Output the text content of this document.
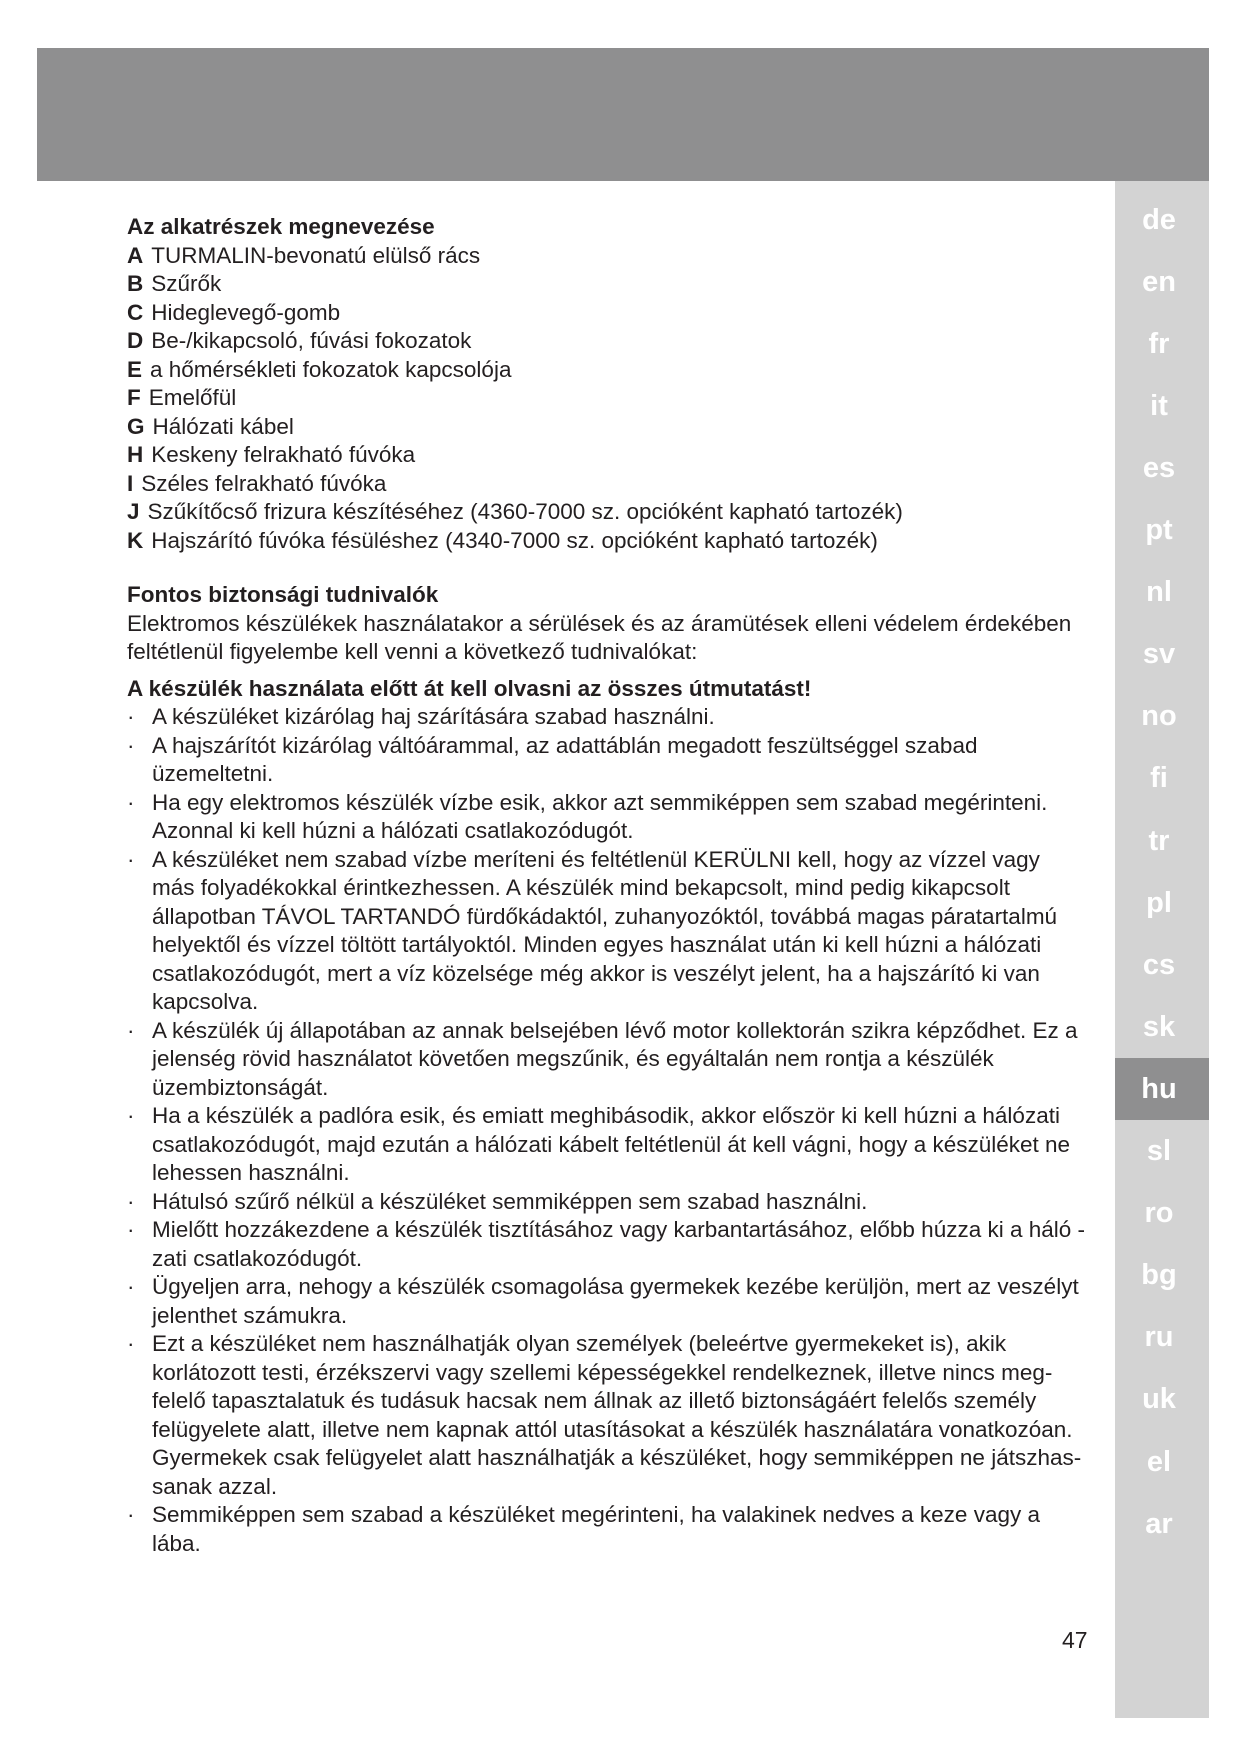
de
en
fr
it
es
pt
nl
sv
no
fi
tr
pl
cs
sk
hu
sl
ro
bg
ru
uk
el
ar
Az alkatrészek megnevezése
A TURMALIN-bevonatú elülső rács
B Szűrők
C Hideglevegő-gomb
D Be-/kikapcsoló, fúvási fokozatok
E a hőmérsékleti fokozatok kapcsolója
F Emelőfül
G Hálózati kábel
H Keskeny felrakható fúvóka
I Széles felrakható fúvóka
J Szűkítőcső frizura készítéséhez (4360-7000 sz. opcióként kapható tartozék)
K Hajszárító fúvóka fésüléshez (4340-7000 sz. opcióként kapható tartozék)
Fontos biztonsági tudnivalók

Elektromos készülékek használatakor a sérülések és az áramütések elleni védelem érdekében feltétlenül figyelembe kell venni a következő tudnivalókat:

A készülék használata előtt át kell olvasni az összes útmutatást!

· A készüléket kizárólag haj szárítására szabad használni.
· A hajszárítót kizárólag váltóárammal, az adattáblán megadott feszültséggel szabad üzemeltetni.
· Ha egy elektromos készülék vízbe esik, akkor azt semmiképpen sem szabad megérinteni. Azonnal ki kell húzni a hálózati csatlakozódugót.
· A készüléket nem szabad vízbe meríteni és feltétlenül KERÜLNI kell, hogy az vízzel vagy más folyadékokkal érintkezhessen. A készülék mind bekapcsolt, mind pedig kikapcsolt állapotban TÁVOL TARTANDÓ fürdőkádaktól, zuhanyozóktól, továbbá magas páratartalmú helyektől és vízzel töltött tartályoktól. Minden egyes használat után ki kell húzni a hálózati csatlakozódugót, mert a víz közelsége még akkor is veszélyt jelent, ha a hajszárító ki van kapcsolva.
· A készülék új állapotában az annak belsejében lévő motor kollektorán szikra képződhet. Ez a jelenség rövid használatot követően megszűnik, és egyáltalán nem rontja a készülék üzembiztonságát.
· Ha a készülék a padlóra esik, és emiatt meghibásodik, akkor először ki kell húzni a hálózati csatlakozódugót, majd ezután a hálózati kábelt feltétlenül át kell vágni, hogy a készüléket ne lehessen használni.
· Hátulsó szűrő nélkül a készüléket semmiképpen sem szabad használni.
· Mielőtt hozzákezdene a készülék tisztításához vagy karbantartásához, előbb húzza ki a háló - zati csatlakozódugót.
· Ügyeljen arra, nehogy a készülék csomagolása gyermekek kezébe kerüljön, mert az veszélyt jelenthet számukra.
· Ezt a készüléket nem használhatják olyan személyek (beleértve gyermekeket is), akik korlátozott testi, érzékszervi vagy szellemi képességekkel rendelkeznek, illetve nincs meg-felelő tapasztalatuk és tudásuk hacsak nem állnak az illető biztonságáért felelős személy felügyelete alatt, illetve nem kapnak attól utasításokat a készülék használatára vonatkozóan. Gyermekek csak felügyelet alatt használhatják a készüléket, hogy semmiképpen ne játszhas-sanak azzal.
· Semmiképpen sem szabad a készüléket megérinteni, ha valakinek nedves a keze vagy a lába.
47
